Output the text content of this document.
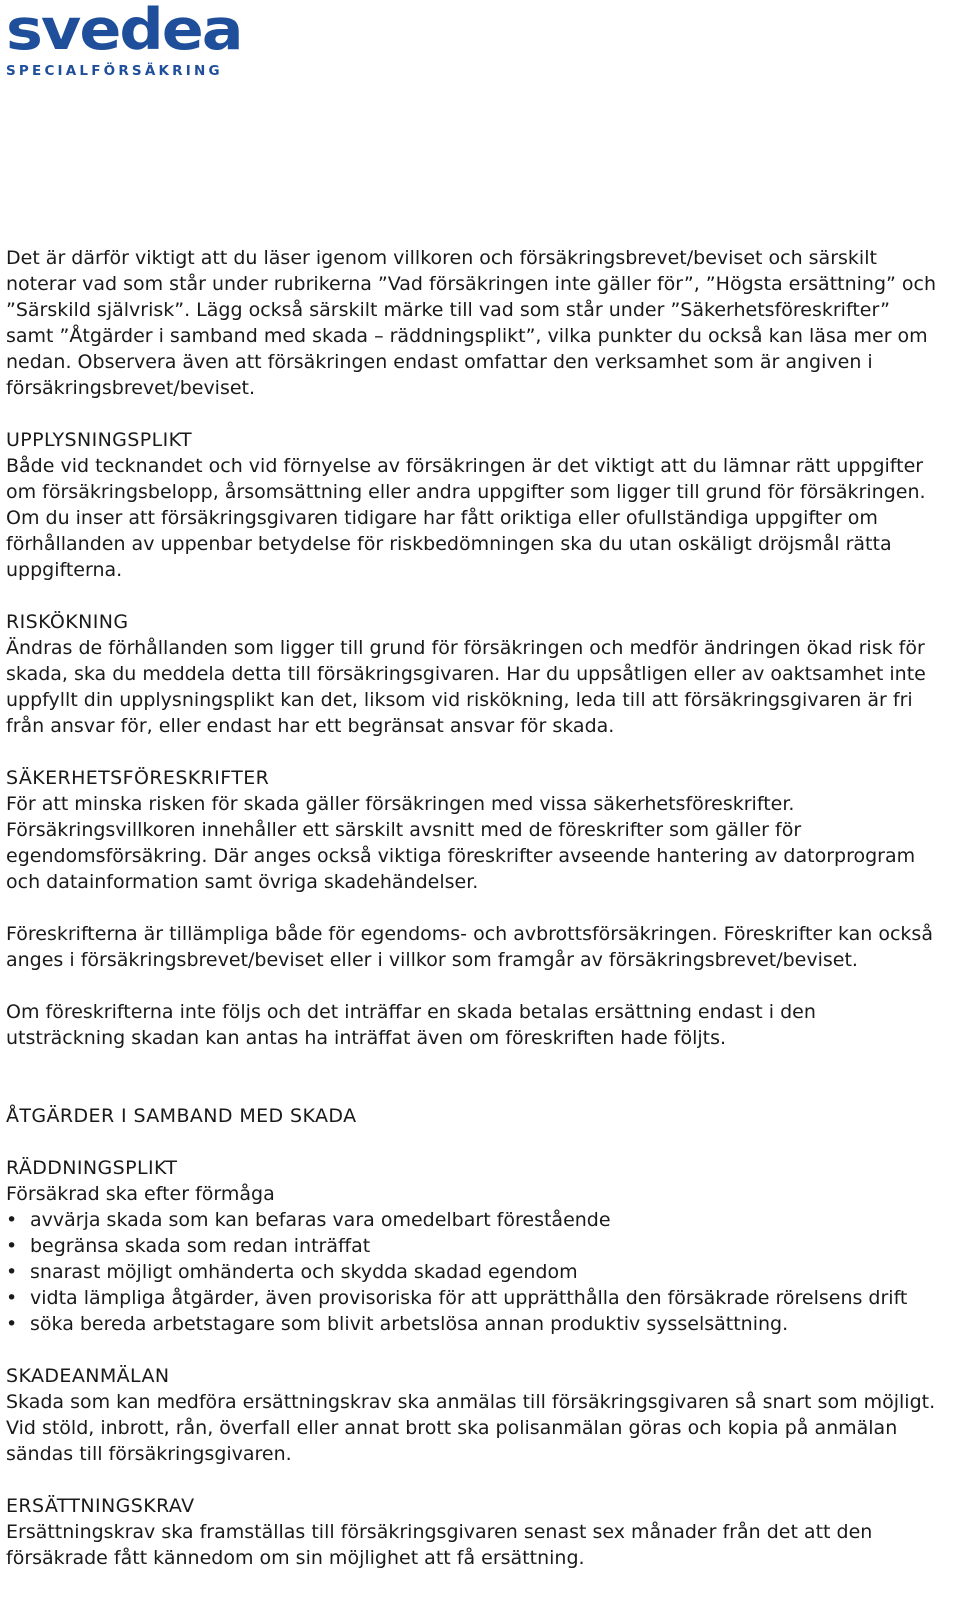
svedea
SPECIALFÖRSÄKRING

Det är därför viktigt att du läser igenom villkoren och försäkringsbrevet/beviset och särskilt noterar vad som står under rubrikerna ”Vad försäkringen inte gäller för”, ”Högsta ersättning” och ”Särskild självrisk”. Lägg också särskilt märke till vad som står under ”Säkerhetsföreskrifter” samt ”Åtgärder i samband med skada – räddningsplikt”, vilka punkter du också kan läsa mer om nedan. Observera även att försäkringen endast omfattar den verksamhet som är angiven i försäkringsbrevet/beviset.

UPPLYSNINGSPLIKT

Både vid tecknandet och vid förnyelse av försäkringen är det viktigt att du lämnar rätt uppgifter om försäkringsbelopp, årsomsättning eller andra uppgifter som ligger till grund för försäkringen. Om du inser att försäkringsgivaren tidigare har fått oriktiga eller ofullständiga uppgifter om förhållanden av uppenbar betydelse för riskbedömningen ska du utan oskäligt dröjsmål rätta uppgifterna.

RISKÖKNING

Ändras de förhållanden som ligger till grund för försäkringen och medför ändringen ökad risk för skada, ska du meddela detta till försäkringsgivaren. Har du uppsåtligen eller av oaktsamhet inte uppfyllt din upplysningsplikt kan det, liksom vid riskökning, leda till att försäkringsgivaren är fri från ansvar för, eller endast har ett begränsat ansvar för skada.

SÄKERHETSFÖRESKRIFTER

För att minska risken för skada gäller försäkringen med vissa säkerhetsföreskrifter. Försäkringsvillkoren innehåller ett särskilt avsnitt med de föreskrifter som gäller för egendomsförsäkring. Där anges också viktiga föreskrifter avseende hantering av datorprogram och datainformation samt övriga skadehändelser.

Föreskrifterna är tillämpliga både för egendoms- och avbrottsförsäkringen. Föreskrifter kan också anges i försäkringsbrevet/beviset eller i villkor som framgår av försäkringsbrevet/beviset.

Om föreskrifterna inte följs och det inträffar en skada betalas ersättning endast i den utsträckning skadan kan antas ha inträffat även om föreskriften hade följts.

ÅTGÄRDER I SAMBAND MED SKADA
RÄDDNINGSPLIKT

Försäkrad ska efter förmåga

• avvärja skada som kan befaras vara omedelbart förestående
• begränsa skada som redan inträffat
• snarast möjligt omhänderta och skydda skadad egendom
• vidta lämpliga åtgärder, även provisoriska för att upprätthålla den försäkrade rörelsens drift
• söka bereda arbetstagare som blivit arbetslösa annan produktiv sysselsättning.
SKADEANMÄLAN

Skada som kan medföra ersättningskrav ska anmälas till försäkringsgivaren så snart som möjligt. Vid stöld, inbrott, rån, överfall eller annat brott ska polisanmälan göras och kopia på anmälan sändas till försäkringsgivaren.

ERSÄTTNINGSKRAV

Ersättningskrav ska framställas till försäkringsgivaren senast sex månader från det att den försäkrade fått kännedom om sin möjlighet att få ersättning.
